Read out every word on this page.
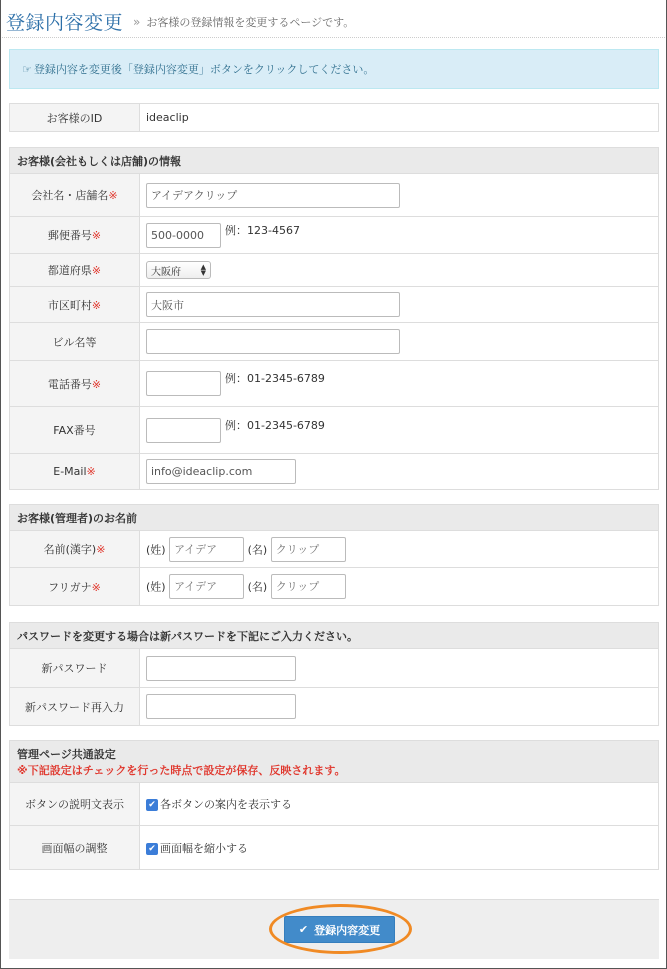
登録内容変更 » お客様の登録情報を変更するページです。
☞ 登録内容を変更後「登録内容変更」ボタンをクリックしてください。
お客様のID	ideaclip
お客様(会社もしくは店舗)の情報	
会社名・店舗名※	アイデアクリップ
郵便番号※	500-0000例：123-4567
都道府県※	大阪府 ▲
▼

市区町村※	大阪市
ビル名等	
電話番号※	例：01-2345-6789
FAX番号	例：01-2345-6789
E-Mail※	info@ideaclip.com
お客様(管理者)のお名前	
名前(漢字)※	(姓) アイデア (名) クリップ
フリガナ※	(姓) アイデア (名) クリップ
パスワードを変更する場合は新パスワードを下記にご入力ください。	
新パスワード	
新パスワード再入力	
管理ページ共通設定
※下記設定はチェックを行った時点で設定が保存、反映されます。	

ボタンの説明文表示	✔ 各ボタンの案内を表示する
画面幅の調整	✔ 画面幅を縮小する
✔ 登録内容変更
